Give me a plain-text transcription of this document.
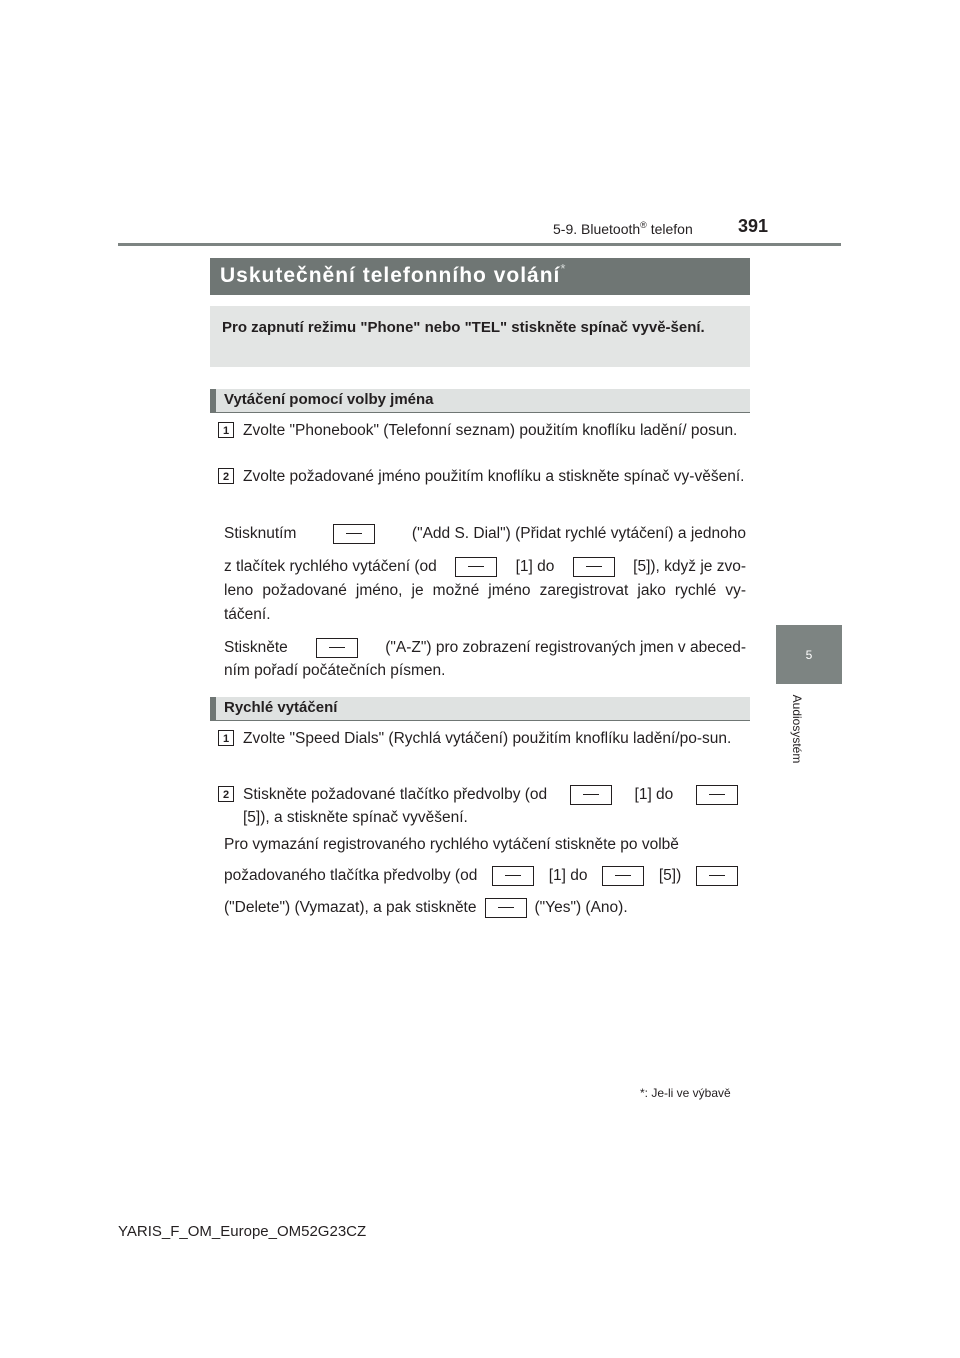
5-9. Bluetooth® telefon	391
5
Audiosystém
Uskutečnění telefonního volání*
Pro zapnutí režimu "Phone" nebo "TEL" stiskněte spínač vyvě-šení.
Vytáčení pomocí volby jména
1 Zvolte "Phonebook" (Telefonní seznam) použitím knoflíku ladění/ posun.
2 Zvolte požadované jméno použitím knoflíku a stiskněte spínač vy-věšení.
Stisknutím	("Add S. Dial") (Přidat rychlé vytáčení) a jednoho
z tlačítek rychlého vytáčení (od	[1] do	[5]), když je zvo-
leno požadované jméno, je možné jméno zaregistrovat jako rychlé vy-táčení.
Stiskněte	("A-Z") pro zobrazení registrovaných jmen v abeced-
ním pořadí počátečních písmen.
Rychlé vytáčení
1 Zvolte "Speed Dials" (Rychlá vytáčení) použitím knoflíku ladění/po-sun.
2 Stiskněte požadované tlačítko předvolby (od	[1] do
[5]), a stiskněte spínač vyvěšení.
Pro vymazání registrovaného rychlého vytáčení stiskněte po volbě
požadovaného tlačítka předvolby (od	[1] do	[5])
("Delete") (Vymazat), a pak stiskněte	("Yes") (Ano).
*: Je-li ve výbavě
YARIS_F_OM_Europe_OM52G23CZ
